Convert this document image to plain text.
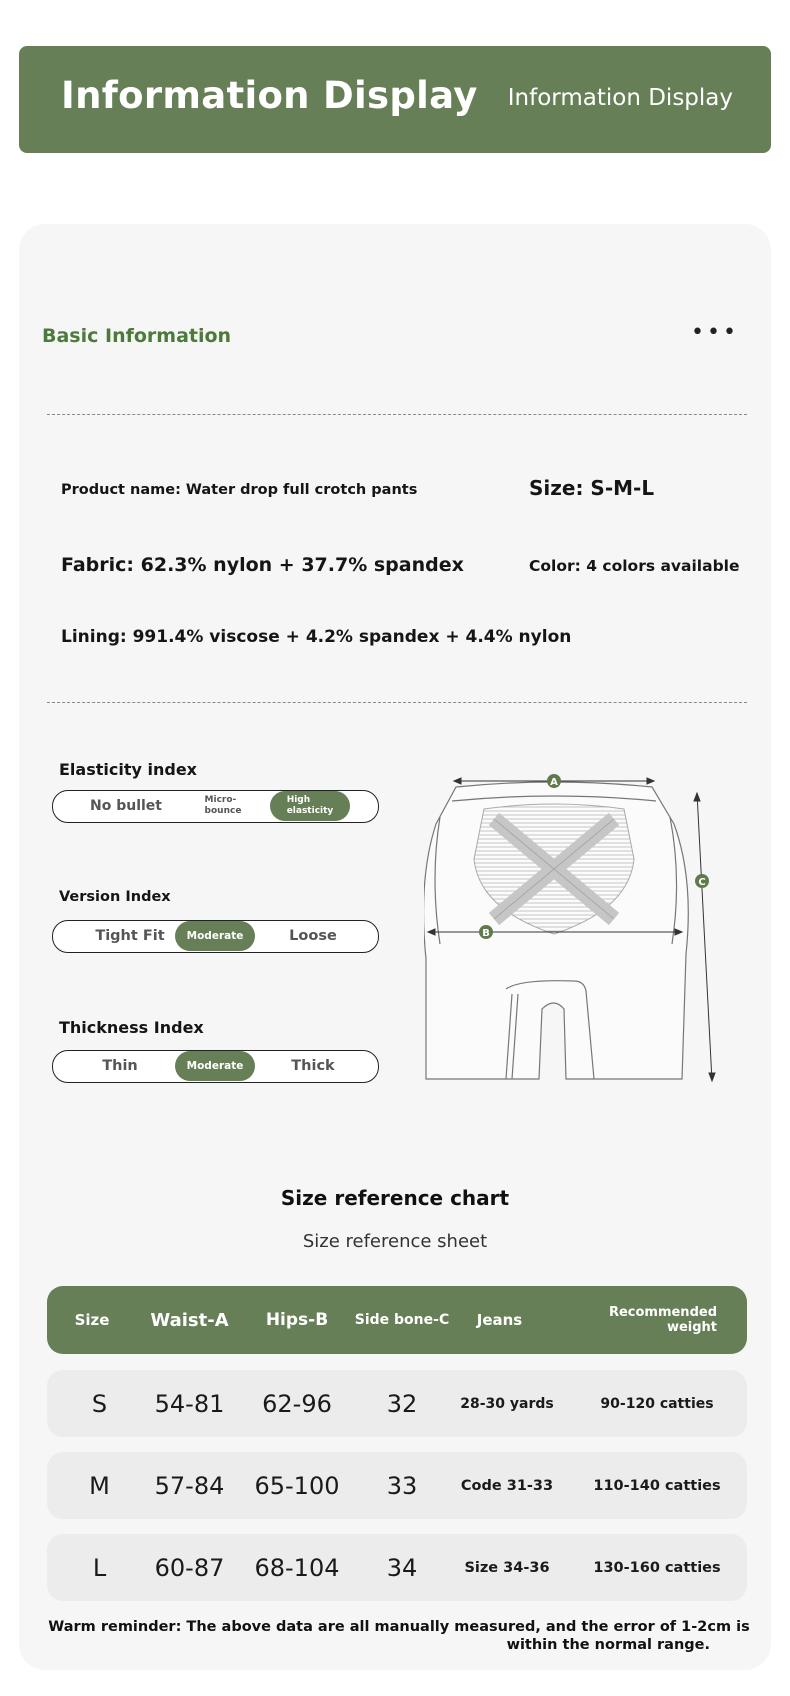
Information Display Information Display
Basic Information	•••
Product name: Water drop full crotch pants	Size: S-M-L
Fabric: 62.3% nylon + 37.7% spandex	Color: 4 colors available
Lining: 991.4% viscose + 4.2% spandex + 4.4% nylon
Elasticity index
No bullet	Micro-
bounce
High
elasticity
Version Index
Tight Fit	Moderate	Loose
Thickness Index
Thin	Moderate	Thick
A
B
C
Size reference chart
Size reference sheet
Size	Waist-A	Hips-B	Side bone-C	Jeans	Recommended
weight
S	54-81	62-96	32	28-30 yards	90-120 catties
M	57-84	65-100	33	Code 31-33	110-140 catties
L	60-87	68-104	34	Size 34-36	130-160 catties
Warm reminder: The above data are all manually measured, and the error of 1-2cm is
within the normal range.
